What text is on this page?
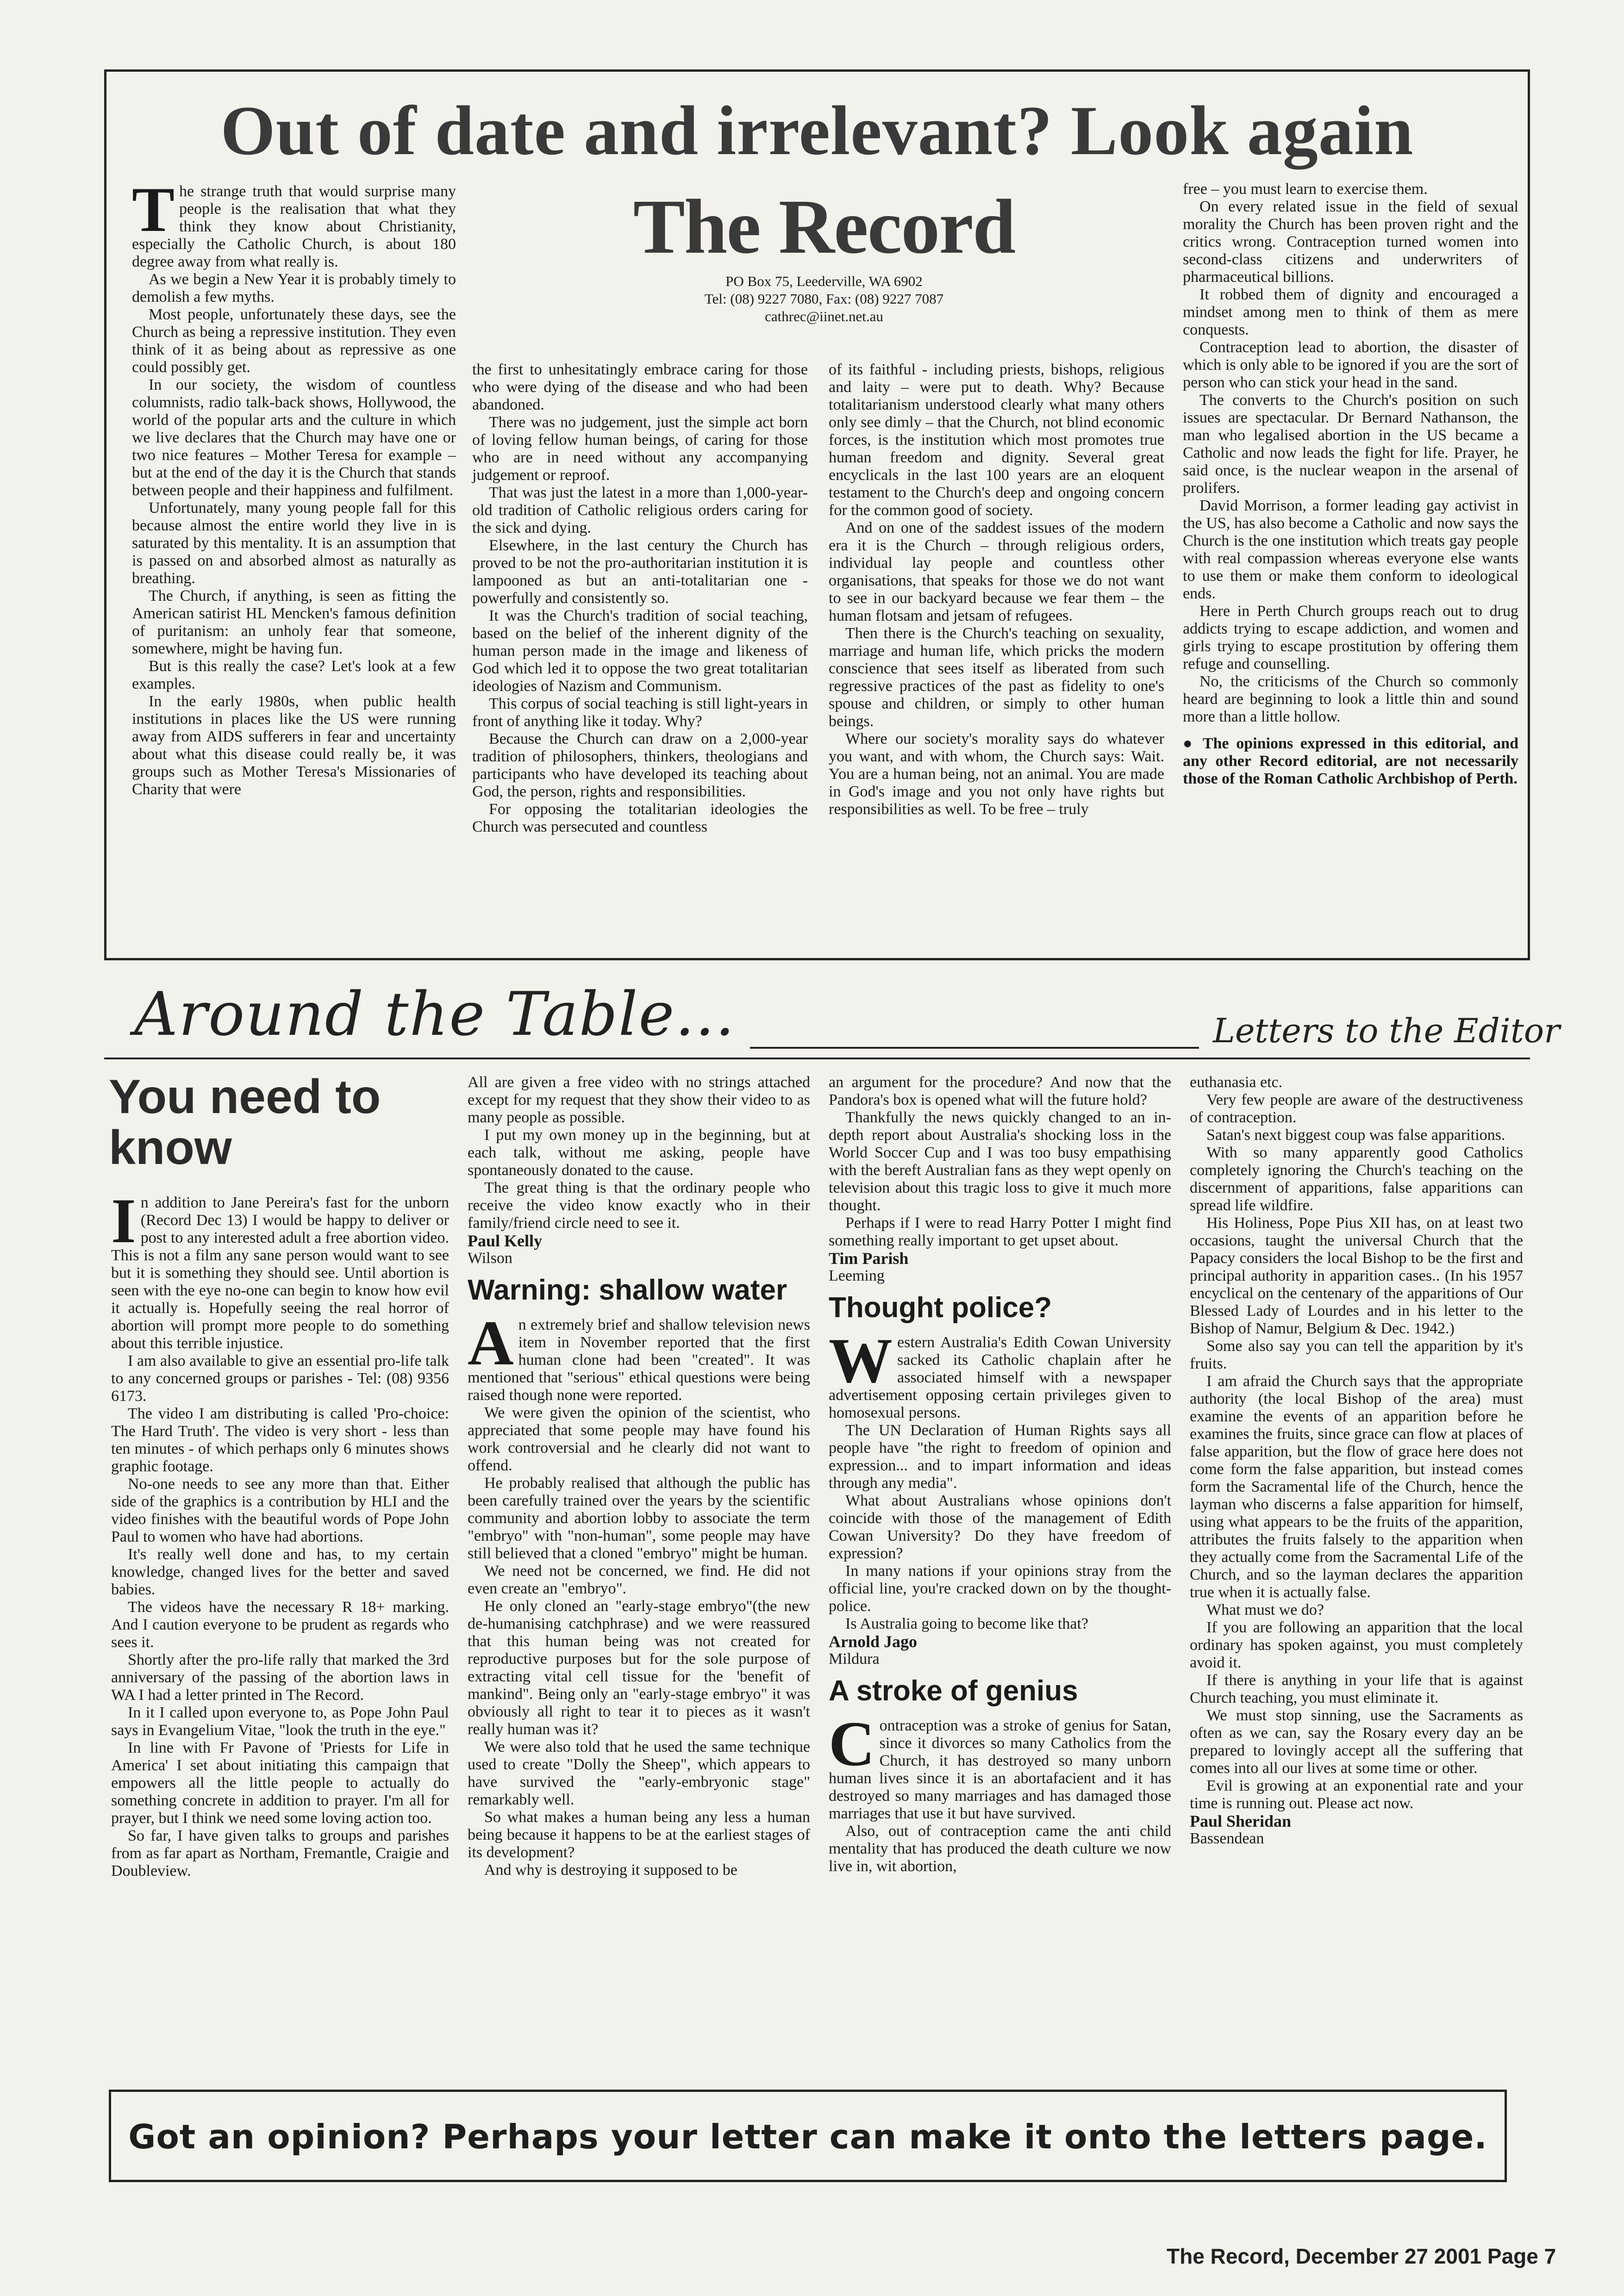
Out of date and irrelevant? Look again

The strange truth that would surprise many people is the realisation that what they think they know about Christianity, especially the Catholic Church, is about 180 degree away from what really is.

As we begin a New Year it is probably timely to demolish a few myths.

Most people, unfortunately these days, see the Church as being a repressive institution. They even think of it as being about as repressive as one could possibly get.

In our society, the wisdom of countless columnists, radio talk-back shows, Hollywood, the world of the popular arts and the culture in which we live declares that the Church may have one or two nice features – Mother Teresa for example – but at the end of the day it is the Church that stands between people and their happiness and fulfilment.

Unfortunately, many young people fall for this because almost the entire world they live in is saturated by this mentality. It is an assumption that is passed on and absorbed almost as naturally as breathing.

The Church, if anything, is seen as fitting the American satirist HL Mencken's famous definition of puritanism: an unholy fear that someone, somewhere, might be having fun.

But is this really the case? Let's look at a few examples.

In the early 1980s, when public health institutions in places like the US were running away from AIDS sufferers in fear and uncertainty about what this disease could really be, it was groups such as Mother Teresa's Missionaries of Charity that were

The Record
PO Box 75, Leederville, WA 6902
Tel: (08) 9227 7080, Fax: (08) 9227 7087
cathrec@iinet.net.au

the first to unhesitatingly embrace caring for those who were dying of the disease and who had been abandoned.

There was no judgement, just the simple act born of loving fellow human beings, of caring for those who are in need without any accompanying judgement or reproof.

That was just the latest in a more than 1,000-year-old tradition of Catholic religious orders caring for the sick and dying.

Elsewhere, in the last century the Church has proved to be not the pro-authoritarian institution it is lampooned as but an anti-totalitarian one - powerfully and consistently so.

It was the Church's tradition of social teaching, based on the belief of the inherent dignity of the human person made in the image and likeness of God which led it to oppose the two great totalitarian ideologies of Nazism and Communism.

This corpus of social teaching is still light-years in front of anything like it today. Why?

Because the Church can draw on a 2,000-year tradition of philosophers, thinkers, theologians and participants who have developed its teaching about God, the person, rights and responsibilities.

For opposing the totalitarian ideologies the Church was persecuted and countless

of its faithful - including priests, bishops, religious and laity – were put to death. Why? Because totalitarianism understood clearly what many others only see dimly – that the Church, not blind economic forces, is the institution which most promotes true human freedom and dignity. Several great encyclicals in the last 100 years are an eloquent testament to the Church's deep and ongoing concern for the common good of society.

And on one of the saddest issues of the modern era it is the Church – through religious orders, individual lay people and countless other organisations, that speaks for those we do not want to see in our backyard because we fear them – the human flotsam and jetsam of refugees.

Then there is the Church's teaching on sexuality, marriage and human life, which pricks the modern conscience that sees itself as liberated from such regressive practices of the past as fidelity to one's spouse and children, or simply to other human beings.

Where our society's morality says do whatever you want, and with whom, the Church says: Wait. You are a human being, not an animal. You are made in God's image and you not only have rights but responsibilities as well. To be free – truly

free – you must learn to exercise them.

On every related issue in the field of sexual morality the Church has been proven right and the critics wrong. Contraception turned women into second-class citizens and underwriters of pharmaceutical billions.

It robbed them of dignity and encouraged a mindset among men to think of them as mere conquests.

Contraception lead to abortion, the disaster of which is only able to be ignored if you are the sort of person who can stick your head in the sand.

The converts to the Church's position on such issues are spectacular. Dr Bernard Nathanson, the man who legalised abortion in the US became a Catholic and now leads the fight for life. Prayer, he said once, is the nuclear weapon in the arsenal of prolifers.

David Morrison, a former leading gay activist in the US, has also become a Catholic and now says the Church is the one institution which treats gay people with real compassion whereas everyone else wants to use them or make them conform to ideological ends.

Here in Perth Church groups reach out to drug addicts trying to escape addiction, and women and girls trying to escape prostitution by offering them refuge and counselling.

No, the criticisms of the Church so commonly heard are beginning to look a little thin and sound more than a little hollow.

● The opinions expressed in this editorial, and any other Record editorial, are not necessarily those of the Roman Catholic Archbishop of Perth.

Around the Table...	Letters to the Editor
You need to know

In addition to Jane Pereira's fast for the unborn (Record Dec 13) I would be happy to deliver or post to any interested adult a free abortion video. This is not a film any sane person would want to see but it is something they should see. Until abortion is seen with the eye no-one can begin to know how evil it actually is. Hopefully seeing the real horror of abortion will prompt more people to do something about this terrible injustice.

I am also available to give an essential pro-life talk to any concerned groups or parishes - Tel: (08) 9356 6173.

The video I am distributing is called 'Pro-choice: The Hard Truth'. The video is very short - less than ten minutes - of which perhaps only 6 minutes shows graphic footage.

No-one needs to see any more than that. Either side of the graphics is a contribution by HLI and the video finishes with the beautiful words of Pope John Paul to women who have had abortions.

It's really well done and has, to my certain knowledge, changed lives for the better and saved babies.

The videos have the necessary R 18+ marking. And I caution everyone to be prudent as regards who sees it.

Shortly after the pro-life rally that marked the 3rd anniversary of the passing of the abortion laws in WA I had a letter printed in The Record.

In it I called upon everyone to, as Pope John Paul says in Evangelium Vitae, "look the truth in the eye."

In line with Fr Pavone of 'Priests for Life in America' I set about initiating this campaign that empowers all the little people to actually do something concrete in addition to prayer. I'm all for prayer, but I think we need some loving action too.

So far, I have given talks to groups and parishes from as far apart as Northam, Fremantle, Craigie and Doubleview.

All are given a free video with no strings attached except for my request that they show their video to as many people as possible.

I put my own money up in the beginning, but at each talk, without me asking, people have spontaneously donated to the cause.

The great thing is that the ordinary people who receive the video know exactly who in their family/friend circle need to see it.

Paul Kelly

Wilson

Warning: shallow water

An extremely brief and shallow television news item in November reported that the first human clone had been "created". It was mentioned that "serious" ethical questions were being raised though none were reported.

We were given the opinion of the scientist, who appreciated that some people may have found his work controversial and he clearly did not want to offend.

He probably realised that although the public has been carefully trained over the years by the scientific community and abortion lobby to associate the term "embryo" with "non-human", some people may have still believed that a cloned "embryo" might be human.

We need not be concerned, we find. He did not even create an "embryo".

He only cloned an "early-stage embryo"(the new de-humanising catchphrase) and we were reassured that this human being was not created for reproductive purposes but for the sole purpose of extracting vital cell tissue for the 'benefit of mankind". Being only an "early-stage embryo" it was obviously all right to tear it to pieces as it wasn't really human was it?

We were also told that he used the same technique used to create "Dolly the Sheep", which appears to have survived the "early-embryonic stage" remarkably well.

So what makes a human being any less a human being because it happens to be at the earliest stages of its development?

And why is destroying it supposed to be

an argument for the procedure? And now that the Pandora's box is opened what will the future hold?

Thankfully the news quickly changed to an in-depth report about Australia's shocking loss in the World Soccer Cup and I was too busy empathising with the bereft Australian fans as they wept openly on television about this tragic loss to give it much more thought.

Perhaps if I were to read Harry Potter I might find something really important to get upset about.

Tim Parish

Leeming

Thought police?

Western Australia's Edith Cowan University sacked its Catholic chaplain after he associated himself with a newspaper advertisement opposing certain privileges given to homosexual persons.

The UN Declaration of Human Rights says all people have "the right to freedom of opinion and expression... and to impart information and ideas through any media".

What about Australians whose opinions don't coincide with those of the management of Edith Cowan University? Do they have freedom of expression?

In many nations if your opinions stray from the official line, you're cracked down on by the thought-police.

Is Australia going to become like that?

Arnold Jago

Mildura

A stroke of genius

Contraception was a stroke of genius for Satan, since it divorces so many Catholics from the Church, it has destroyed so many unborn human lives since it is an abortafacient and it has destroyed so many marriages and has damaged those marriages that use it but have survived.

Also, out of contraception came the anti child mentality that has produced the death culture we now live in, wit abortion,

euthanasia etc.

Very few people are aware of the destructiveness of contraception.

Satan's next biggest coup was false apparitions.

With so many apparently good Catholics completely ignoring the Church's teaching on the discernment of apparitions, false apparitions can spread life wildfire.

His Holiness, Pope Pius XII has, on at least two occasions, taught the universal Church that the Papacy considers the local Bishop to be the first and principal authority in apparition cases.. (In his 1957 encyclical on the centenary of the apparitions of Our Blessed Lady of Lourdes and in his letter to the Bishop of Namur, Belgium & Dec. 1942.)

Some also say you can tell the apparition by it's fruits.

I am afraid the Church says that the appropriate authority (the local Bishop of the area) must examine the events of an apparition before he examines the fruits, since grace can flow at places of false apparition, but the flow of grace here does not come form the false apparition, but instead comes form the Sacramental life of the Church, hence the layman who discerns a false apparition for himself, using what appears to be the fruits of the apparition, attributes the fruits falsely to the apparition when they actually come from the Sacramental Life of the Church, and so the layman declares the apparition true when it is actually false.

What must we do?

If you are following an apparition that the local ordinary has spoken against, you must completely avoid it.

If there is anything in your life that is against Church teaching, you must eliminate it.

We must stop sinning, use the Sacraments as often as we can, say the Rosary every day an be prepared to lovingly accept all the suffering that comes into all our lives at some time or other.

Evil is growing at an exponential rate and your time is running out. Please act now.

Paul Sheridan

Bassendean

Got an opinion? Perhaps your letter can make it onto the letters page.
The Record, December 27 2001 Page 7
